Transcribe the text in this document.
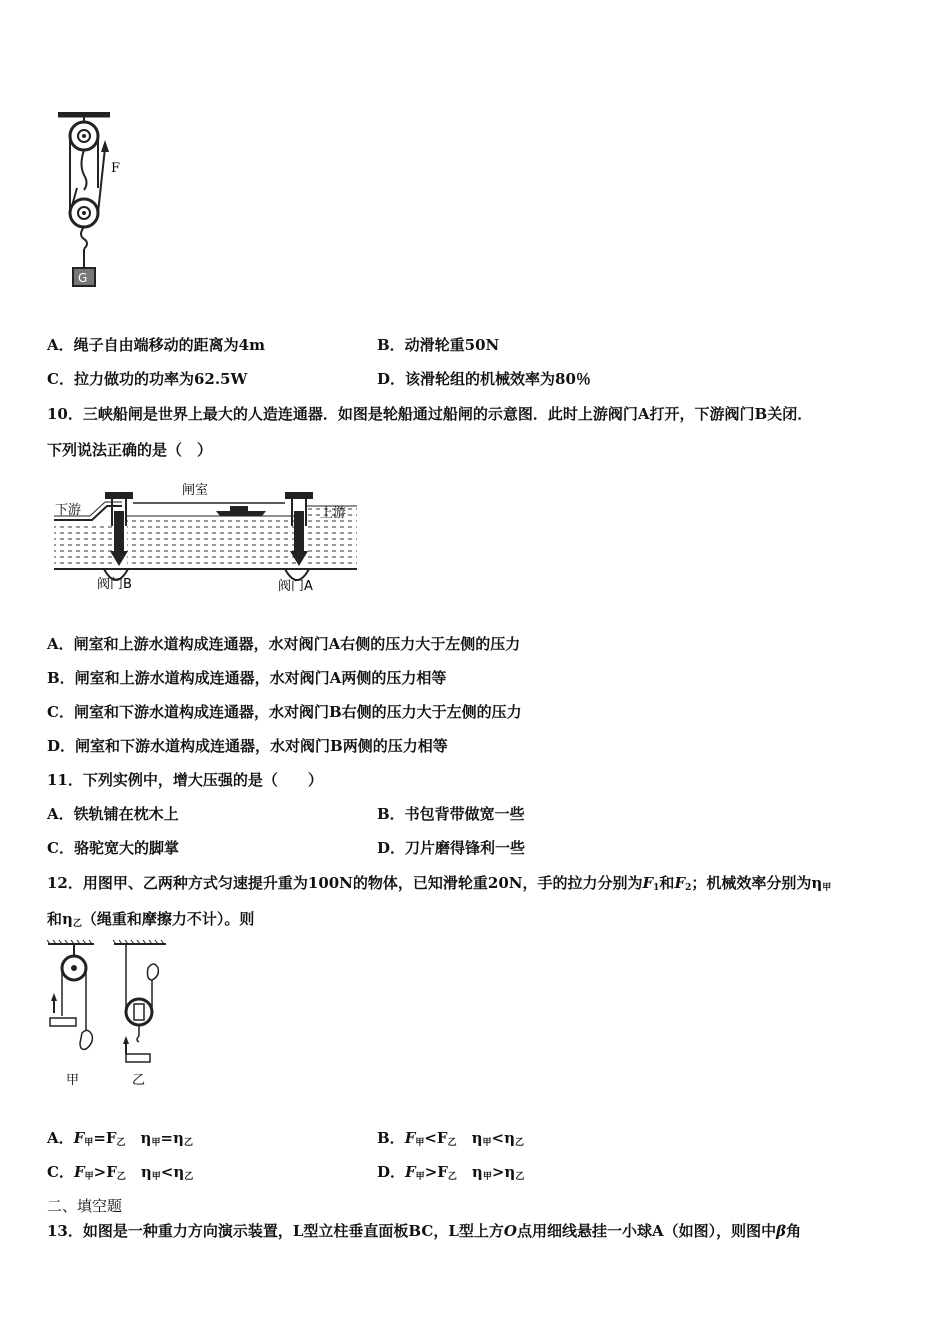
F
G
A．绳子自由端移动的距离为4m	B．动滑轮重50N
C．拉力做功的功率为62.5W	D．该滑轮组的机械效率为80％
10．三峡船闸是世界上最大的人造连通器．如图是轮船通过船闸的示意图．此时上游阀门A打开，下游阀门B关闭．
下列说法正确的是（　）
下游
闸室
上游
阀门B	阀门A
A．闸室和上游水道构成连通器，水对阀门A右侧的压力大于左侧的压力
B．闸室和上游水道构成连通器，水对阀门A两侧的压力相等
C．闸室和下游水道构成连通器，水对阀门B右侧的压力大于左侧的压力
D．闸室和下游水道构成连通器，水对阀门B两侧的压力相等
11．下列实例中，增大压强的是（　　）
A．铁轨铺在枕木上	B．书包背带做宽一些
C．骆驼宽大的脚掌	D．刀片磨得锋利一些
12．用图甲、乙两种方式匀速提升重为100N的物体，已知滑轮重20N，手的拉力分别为$F_1$和$F_2$；机械效率分别为$\eta_甲$
和$\eta_乙$（绳重和摩擦力不计）。则
甲	乙
A．$F_甲=F_乙$　$\eta_甲=\eta_乙$	B．$F_甲<F_乙$　$\eta_甲<\eta_乙$
C．$F_甲>F_乙$　$\eta_甲<\eta_乙$	D．$F_甲>F_乙$　$\eta_甲>\eta_乙$
二、填空题
13．如图是一种重力方向演示装置，L型立柱垂直面板BC，L型上方O点用细线悬挂一小球A（如图），则图中β角
